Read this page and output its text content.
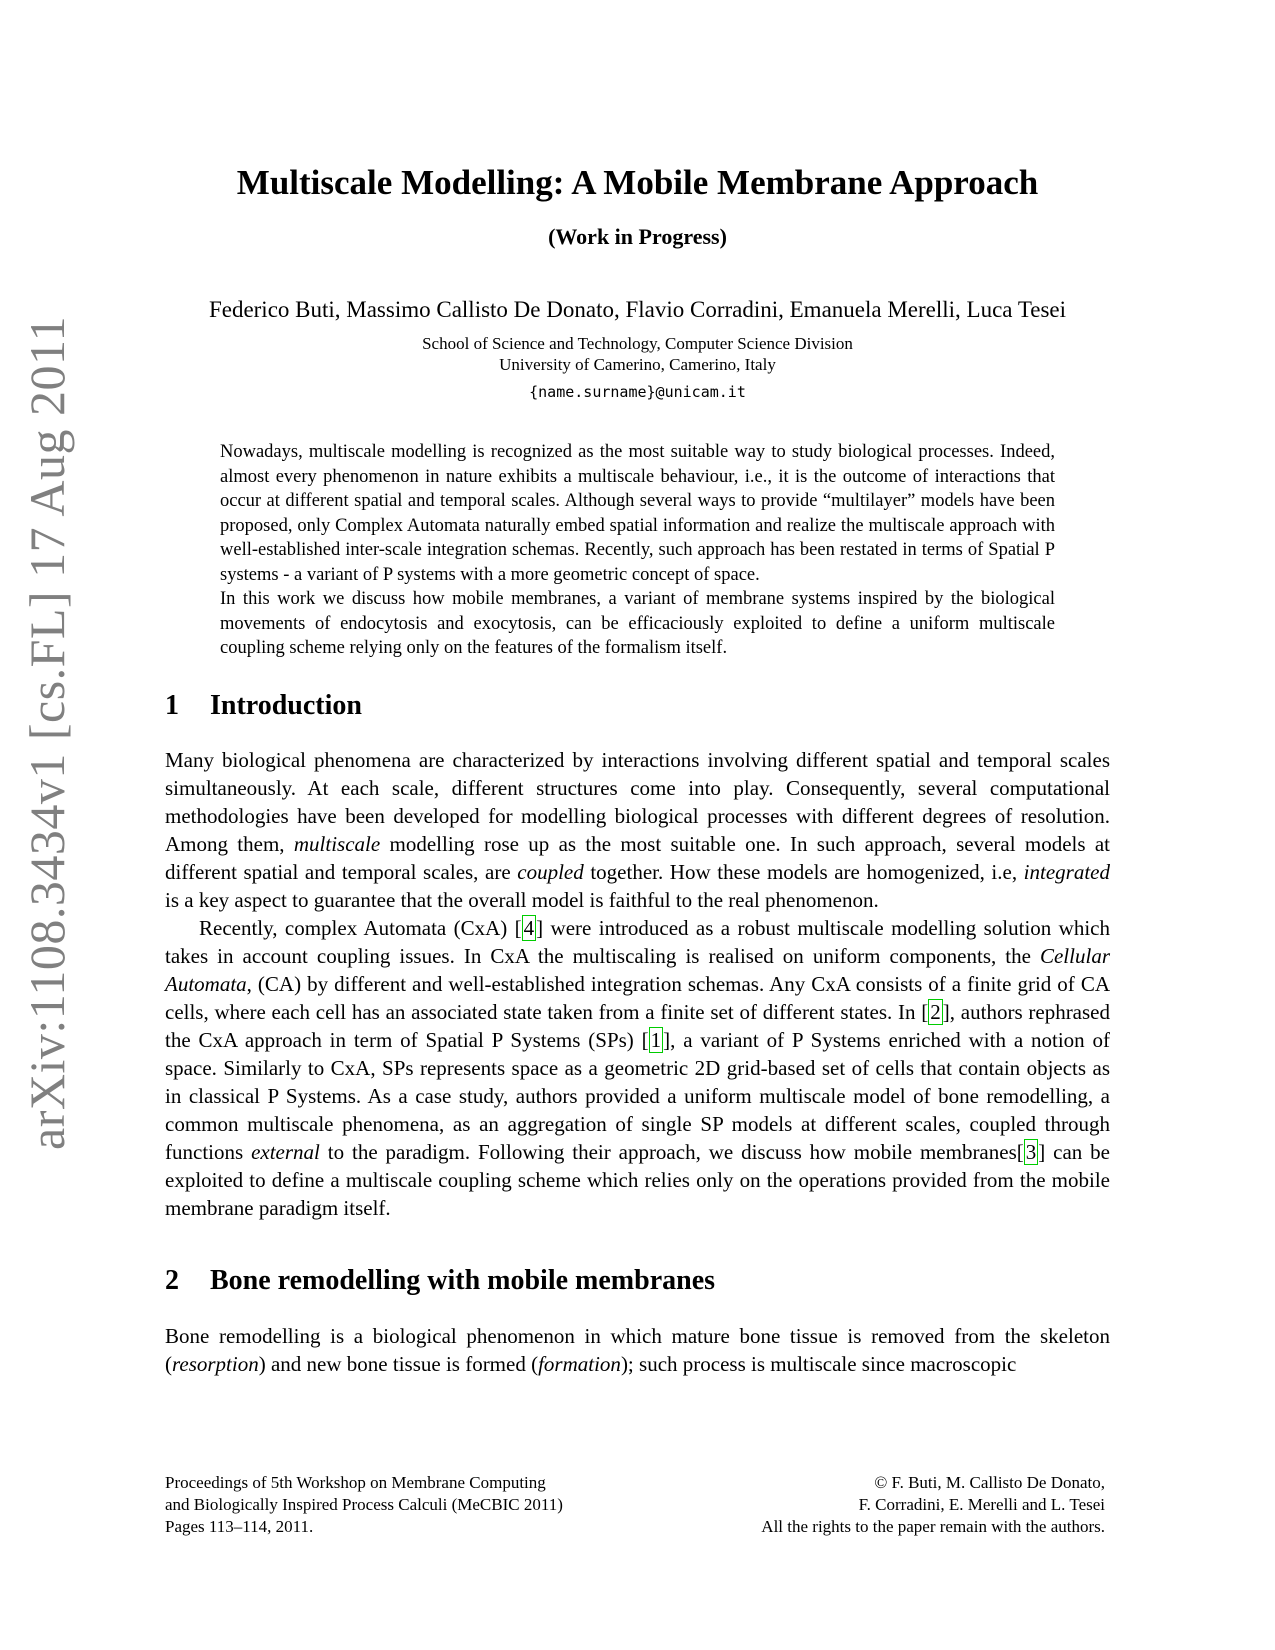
arXiv:1108.3434v1 [cs.FL] 17 Aug 2011
Multiscale Modelling: A Mobile Membrane Approach
(Work in Progress)
Federico Buti, Massimo Callisto De Donato, Flavio Corradini, Emanuela Merelli, Luca Tesei
School of Science and Technology, Computer Science Division
University of Camerino, Camerino, Italy
{name.surname}@unicam.it

Nowadays, multiscale modelling is recognized as the most suitable way to study biological processes. Indeed, almost every phenomenon in nature exhibits a multiscale behaviour, i.e., it is the outcome of interactions that occur at different spatial and temporal scales. Although several ways to provide “multilayer” models have been proposed, only Complex Automata naturally embed spatial information and realize the multiscale approach with well-established inter-scale integration schemas. Recently, such approach has been restated in terms of Spatial P systems - a variant of P systems with a more geometric concept of space.

In this work we discuss how mobile membranes, a variant of membrane systems inspired by the biological movements of endocytosis and exocytosis, can be efficaciously exploited to define a uniform multiscale coupling scheme relying only on the features of the formalism itself.

1 Introduction

Many biological phenomena are characterized by interactions involving different spatial and temporal scales simultaneously. At each scale, different structures come into play. Consequently, several computational methodologies have been developed for modelling biological processes with different degrees of resolution. Among them, multiscale modelling rose up as the most suitable one. In such approach, several models at different spatial and temporal scales, are coupled together. How these models are homogenized, i.e, integrated is a key aspect to guarantee that the overall model is faithful to the real phenomenon.

Recently, complex Automata (CxA) [4] were introduced as a robust multiscale modelling solution which takes in account coupling issues. In CxA the multiscaling is realised on uniform components, the Cellular Automata, (CA) by different and well-established integration schemas. Any CxA consists of a finite grid of CA cells, where each cell has an associated state taken from a finite set of different states. In [2], authors rephrased the CxA approach in term of Spatial P Systems (SPs) [1], a variant of P Systems enriched with a notion of space. Similarly to CxA, SPs represents space as a geometric 2D grid-based set of cells that contain objects as in classical P Systems. As a case study, authors provided a uniform multiscale model of bone remodelling, a common multiscale phenomena, as an aggregation of single SP models at different scales, coupled through functions external to the paradigm. Following their approach, we discuss how mobile membranes[3] can be exploited to define a multiscale coupling scheme which relies only on the operations provided from the mobile membrane paradigm itself.

2 Bone remodelling with mobile membranes

Bone remodelling is a biological phenomenon in which mature bone tissue is removed from the skeleton (resorption) and new bone tissue is formed (formation); such process is multiscale since macroscopic

Proceedings of 5th Workshop on Membrane Computing
and Biologically Inspired Process Calculi (MeCBIC 2011)
Pages 113–114, 2011.
© F. Buti, M. Callisto De Donato,
F. Corradini, E. Merelli and L. Tesei
All the rights to the paper remain with the authors.
